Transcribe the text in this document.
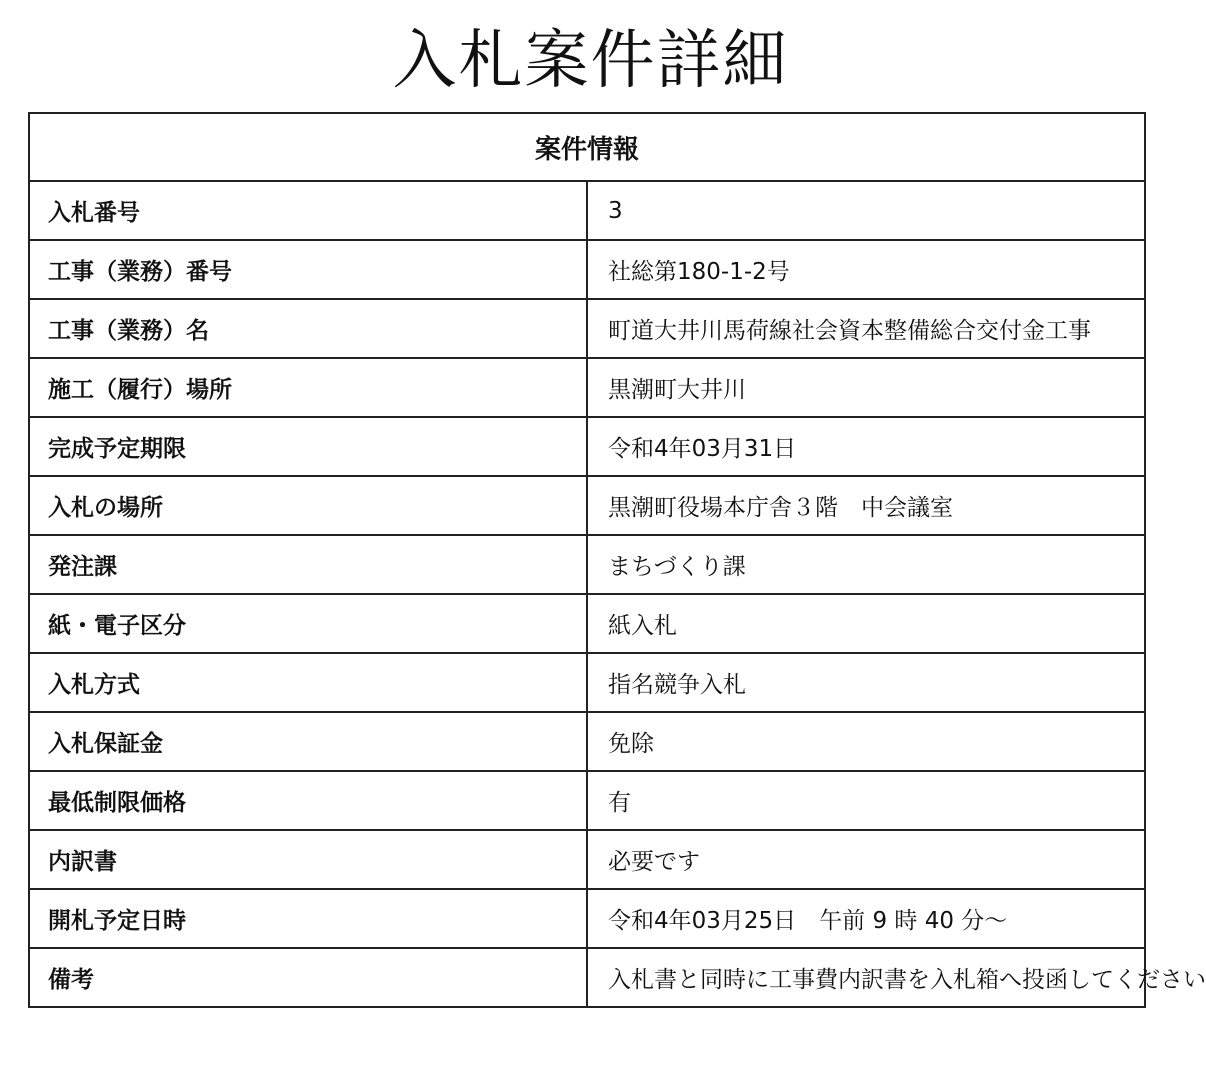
入札案件詳細
案件情報	
入札番号	3
工事（業務）番号	社総第180-1-2号
工事（業務）名	町道大井川馬荷線社会資本整備総合交付金工事
施工（履行）場所	黒潮町大井川
完成予定期限	令和4年03月31日
入札の場所	黒潮町役場本庁舎３階　中会議室
発注課	まちづくり課
紙・電子区分	紙入札
入札方式	指名競争入札
入札保証金	免除
最低制限価格	有
内訳書	必要です
開札予定日時	令和4年03月25日　午前 9 時 40 分～
備考	入札書と同時に工事費内訳書を入札箱へ投函してください
